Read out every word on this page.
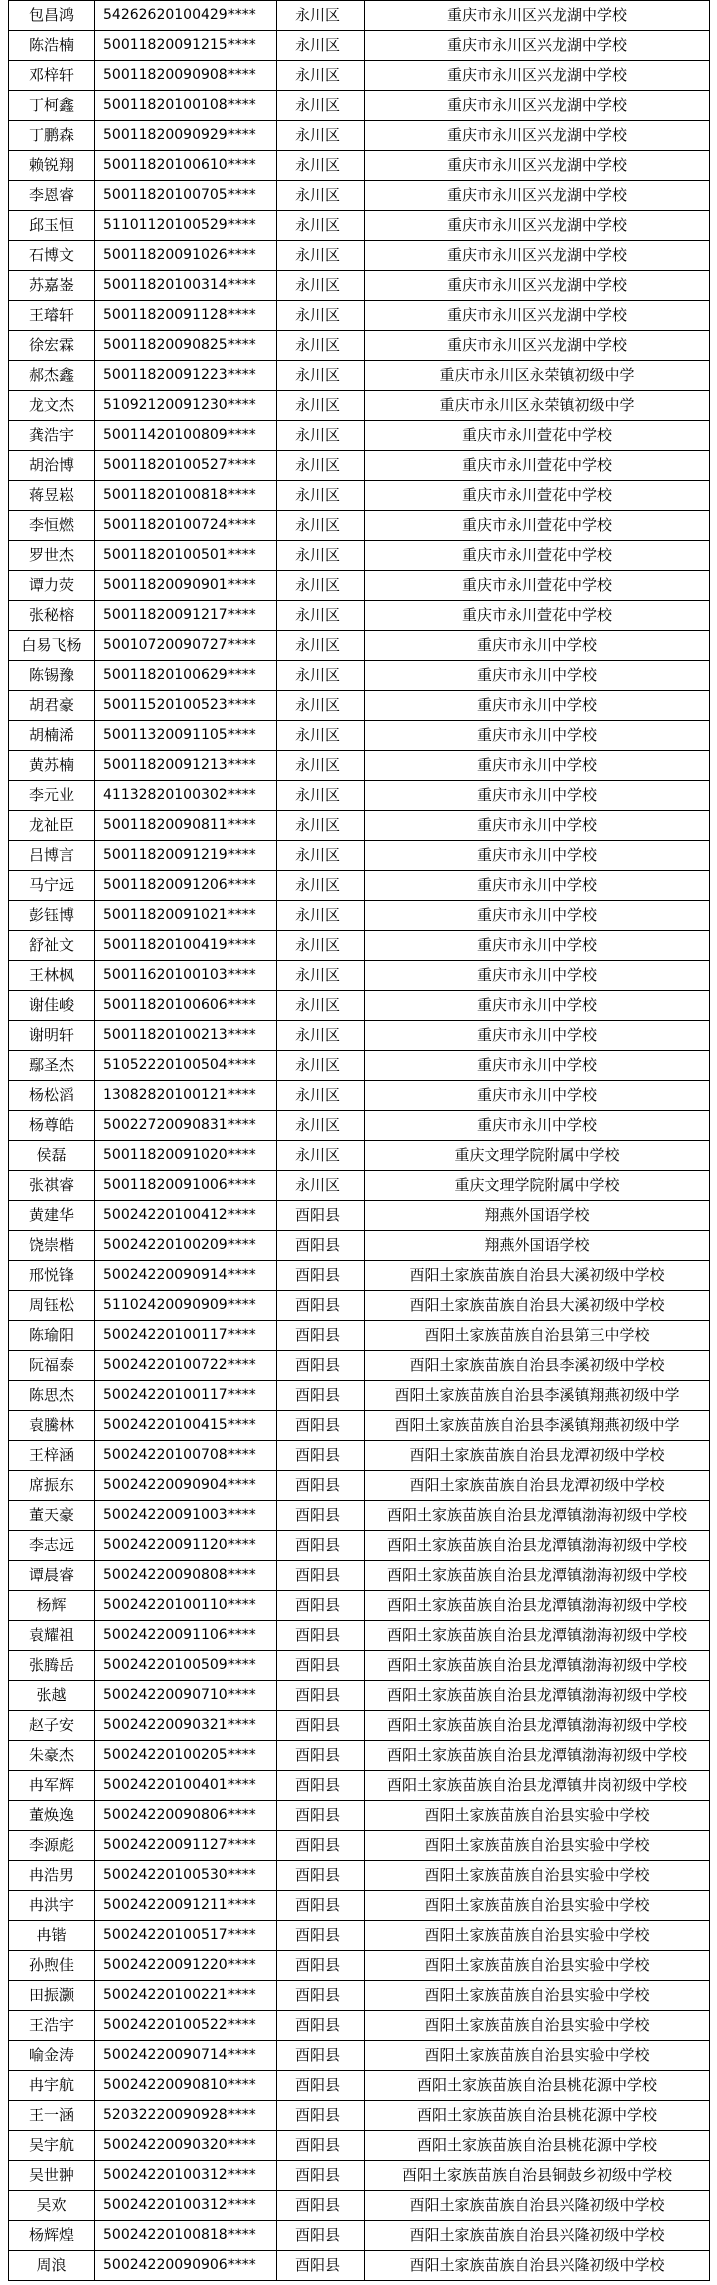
包昌鸿	54262620100429****	永川区	重庆市永川区兴龙湖中学校
陈浩楠	50011820091215****	永川区	重庆市永川区兴龙湖中学校
邓梓轩	50011820090908****	永川区	重庆市永川区兴龙湖中学校
丁柯鑫	50011820100108****	永川区	重庆市永川区兴龙湖中学校
丁鹏森	50011820090929****	永川区	重庆市永川区兴龙湖中学校
赖锐翔	50011820100610****	永川区	重庆市永川区兴龙湖中学校
李恩睿	50011820100705****	永川区	重庆市永川区兴龙湖中学校
邱玉恒	51101120100529****	永川区	重庆市永川区兴龙湖中学校
石博文	50011820091026****	永川区	重庆市永川区兴龙湖中学校
苏嘉崟	50011820100314****	永川区	重庆市永川区兴龙湖中学校
王璿轩	50011820091128****	永川区	重庆市永川区兴龙湖中学校
徐宏霖	50011820090825****	永川区	重庆市永川区兴龙湖中学校
郝杰鑫	50011820091223****	永川区	重庆市永川区永荣镇初级中学
龙文杰	51092120091230****	永川区	重庆市永川区永荣镇初级中学
龚浩宇	50011420100809****	永川区	重庆市永川萱花中学校
胡治博	50011820100527****	永川区	重庆市永川萱花中学校
蒋昱崧	50011820100818****	永川区	重庆市永川萱花中学校
李恒燃	50011820100724****	永川区	重庆市永川萱花中学校
罗世杰	50011820100501****	永川区	重庆市永川萱花中学校
谭力荧	50011820090901****	永川区	重庆市永川萱花中学校
张秘榕	50011820091217****	永川区	重庆市永川萱花中学校
白易飞杨	50010720090727****	永川区	重庆市永川中学校
陈锡豫	50011820100629****	永川区	重庆市永川中学校
胡君豪	50011520100523****	永川区	重庆市永川中学校
胡楠浠	50011320091105****	永川区	重庆市永川中学校
黄苏楠	50011820091213****	永川区	重庆市永川中学校
李元业	41132820100302****	永川区	重庆市永川中学校
龙祉臣	50011820090811****	永川区	重庆市永川中学校
吕博言	50011820091219****	永川区	重庆市永川中学校
马宁远	50011820091206****	永川区	重庆市永川中学校
彭钰博	50011820091021****	永川区	重庆市永川中学校
舒祉文	50011820100419****	永川区	重庆市永川中学校
王林枫	50011620100103****	永川区	重庆市永川中学校
谢佳峻	50011820100606****	永川区	重庆市永川中学校
谢明轩	50011820100213****	永川区	重庆市永川中学校
鄢圣杰	51052220100504****	永川区	重庆市永川中学校
杨松滔	13082820100121****	永川区	重庆市永川中学校
杨尊皓	50022720090831****	永川区	重庆市永川中学校
侯磊	50011820091020****	永川区	重庆文理学院附属中学校
张祺睿	50011820091006****	永川区	重庆文理学院附属中学校
黄建华	50024220100412****	酉阳县	翔燕外国语学校
饶崇楷	50024220100209****	酉阳县	翔燕外国语学校
邢悦锋	50024220090914****	酉阳县	酉阳土家族苗族自治县大溪初级中学校
周钰松	51102420090909****	酉阳县	酉阳土家族苗族自治县大溪初级中学校
陈瑜阳	50024220100117****	酉阳县	酉阳土家族苗族自治县第三中学校
阮福泰	50024220100722****	酉阳县	酉阳土家族苗族自治县李溪初级中学校
陈思杰	50024220100117****	酉阳县	酉阳土家族苗族自治县李溪镇翔燕初级中学
袁騰林	50024220100415****	酉阳县	酉阳土家族苗族自治县李溪镇翔燕初级中学
王梓涵	50024220100708****	酉阳县	酉阳土家族苗族自治县龙潭初级中学校
席振东	50024220090904****	酉阳县	酉阳土家族苗族自治县龙潭初级中学校
董天豪	50024220091003****	酉阳县	酉阳土家族苗族自治县龙潭镇渤海初级中学校
李志远	50024220091120****	酉阳县	酉阳土家族苗族自治县龙潭镇渤海初级中学校
谭晨睿	50024220090808****	酉阳县	酉阳土家族苗族自治县龙潭镇渤海初级中学校
杨辉	50024220100110****	酉阳县	酉阳土家族苗族自治县龙潭镇渤海初级中学校
袁耀祖	50024220091106****	酉阳县	酉阳土家族苗族自治县龙潭镇渤海初级中学校
张腾岳	50024220100509****	酉阳县	酉阳土家族苗族自治县龙潭镇渤海初级中学校
张越	50024220090710****	酉阳县	酉阳土家族苗族自治县龙潭镇渤海初级中学校
赵子安	50024220090321****	酉阳县	酉阳土家族苗族自治县龙潭镇渤海初级中学校
朱豪杰	50024220100205****	酉阳县	酉阳土家族苗族自治县龙潭镇渤海初级中学校
冉军辉	50024220100401****	酉阳县	酉阳土家族苗族自治县龙潭镇井岗初级中学校
董焕逸	50024220090806****	酉阳县	酉阳土家族苗族自治县实验中学校
李源彪	50024220091127****	酉阳县	酉阳土家族苗族自治县实验中学校
冉浩男	50024220100530****	酉阳县	酉阳土家族苗族自治县实验中学校
冉洪宇	50024220091211****	酉阳县	酉阳土家族苗族自治县实验中学校
冉锴	50024220100517****	酉阳县	酉阳土家族苗族自治县实验中学校
孙煦佳	50024220091220****	酉阳县	酉阳土家族苗族自治县实验中学校
田振灏	50024220100221****	酉阳县	酉阳土家族苗族自治县实验中学校
王浩宇	50024220100522****	酉阳县	酉阳土家族苗族自治县实验中学校
喻金涛	50024220090714****	酉阳县	酉阳土家族苗族自治县实验中学校
冉宇航	50024220090810****	酉阳县	酉阳土家族苗族自治县桃花源中学校
王一涵	52032220090928****	酉阳县	酉阳土家族苗族自治县桃花源中学校
吴宇航	50024220090320****	酉阳县	酉阳土家族苗族自治县桃花源中学校
吴世翀	50024220100312****	酉阳县	酉阳土家族苗族自治县铜鼓乡初级中学校
吴欢	50024220100312****	酉阳县	酉阳土家族苗族自治县兴隆初级中学校
杨辉煌	50024220100818****	酉阳县	酉阳土家族苗族自治县兴隆初级中学校
周浪	50024220090906****	酉阳县	酉阳土家族苗族自治县兴隆初级中学校
